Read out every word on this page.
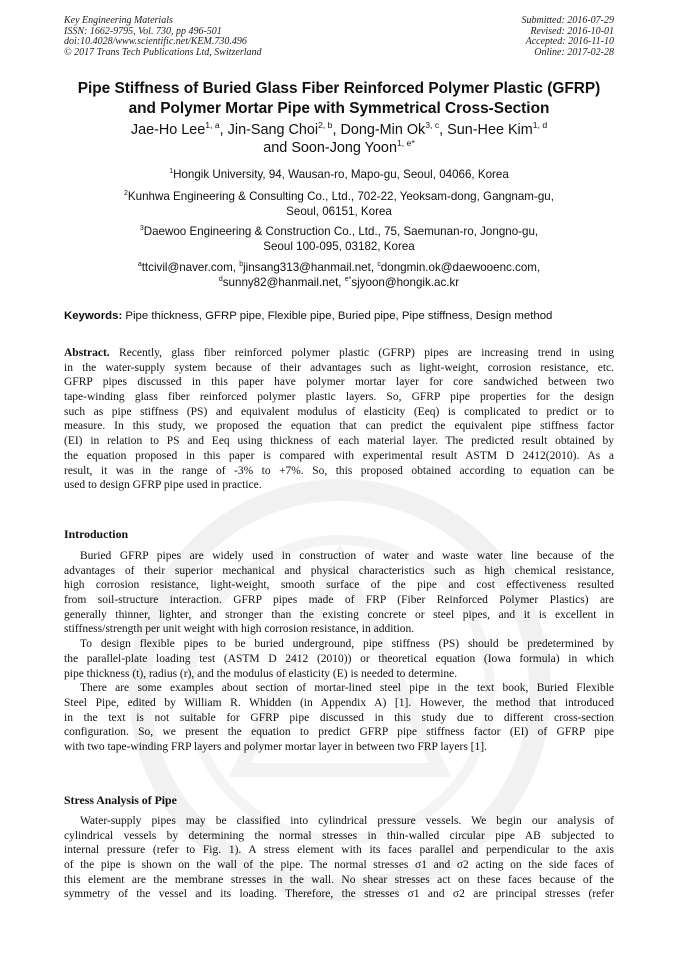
Key Engineering Materials
ISSN: 1662-9795, Vol. 730, pp 496-501
doi:10.4028/www.scientific.net/KEM.730.496
© 2017 Trans Tech Publications Ltd, Switzerland
Submitted: 2016-07-29
Revised: 2016-10-01
Accepted: 2016-11-10
Online: 2017-02-28
Pipe Stiffness of Buried Glass Fiber Reinforced Polymer Plastic (GFRP)
and Polymer Mortar Pipe with Symmetrical Cross-Section
Jae-Ho Lee$^{1, a}$, Jin-Sang Choi$^{2, b}$, Dong-Min Ok$^{3, c}$, Sun-Hee Kim$^{1, d}$
and Soon-Jong Yoon$^{1, e*}$
$^1$Hongik University, 94, Wausan-ro, Mapo-gu, Seoul, 04066, Korea
$^2$Kunhwa Engineering & Consulting Co., Ltd., 702-22, Yeoksam-dong, Gangnam-gu,
Seoul, 06151, Korea
$^3$Daewoo Engineering & Construction Co., Ltd., 75, Saemunan-ro, Jongno-gu,
Seoul 100-095, 03182, Korea
$^a$ttcivil@naver.com, $^b$jinsang313@hanmail.net, $^c$dongmin.ok@daewooenc.com,
$^d$sunny82@hanmail.net, $^{e*}$sjyoon@hongik.ac.kr
Keywords: Pipe thickness, GFRP pipe, Flexible pipe, Buried pipe, Pipe stiffness, Design method
Abstract. Recently, glass fiber reinforced polymer plastic (GFRP) pipes are increasing trend in using
in the water-supply system because of their advantages such as light-weight, corrosion resistance, etc.
GFRP pipes discussed in this paper have polymer mortar layer for core sandwiched between two
tape-winding glass fiber reinforced polymer plastic layers. So, GFRP pipe properties for the design
such as pipe stiffness (PS) and equivalent modulus of elasticity (Eeq) is complicated to predict or to
measure. In this study, we proposed the equation that can predict the equivalent pipe stiffness factor
(EI) in relation to PS and Eeq using thickness of each material layer. The predicted result obtained by
the equation proposed in this paper is compared with experimental result ASTM D 2412(2010). As a
result, it was in the range of -3% to +7%. So, this proposed obtained according to equation can be
used to design GFRP pipe used in practice.
Introduction
Buried GFRP pipes are widely used in construction of water and waste water line because of the
advantages of their superior mechanical and physical characteristics such as high chemical resistance,
high corrosion resistance, light-weight, smooth surface of the pipe and cost effectiveness resulted
from soil-structure interaction. GFRP pipes made of FRP (Fiber Reinforced Polymer Plastics) are
generally thinner, lighter, and stronger than the existing concrete or steel pipes, and it is excellent in
stiffness/strength per unit weight with high corrosion resistance, in addition.
To design flexible pipes to be buried underground, pipe stiffness (PS) should be predetermined by
the parallel-plate loading test (ASTM D 2412 (2010)) or theoretical equation (Iowa formula) in which
pipe thickness (t), radius (r), and the modulus of elasticity (E) is needed to determine.
There are some examples about section of mortar-lined steel pipe in the text book, Buried Flexible
Steel Pipe, edited by William R. Whidden (in Appendix A) [1]. However, the method that introduced
in the text is not suitable for GFRP pipe discussed in this study due to different cross-section
configuration. So, we present the equation to predict GFRP pipe stiffness factor (EI) of GFRP pipe
with two tape-winding FRP layers and polymer mortar layer in between two FRP layers [1].
Stress Analysis of Pipe
Water-supply pipes may be classified into cylindrical pressure vessels. We begin our analysis of
cylindrical vessels by determining the normal stresses in thin-walled circular pipe AB subjected to
internal pressure (refer to Fig. 1). A stress element with its faces parallel and perpendicular to the axis
of the pipe is shown on the wall of the pipe. The normal stresses σ1 and σ2 acting on the side faces of
this element are the membrane stresses in the wall. No shear stresses act on these faces because of the
symmetry of the vessel and its loading. Therefore, the stresses σ1 and σ2 are principal stresses (refer
